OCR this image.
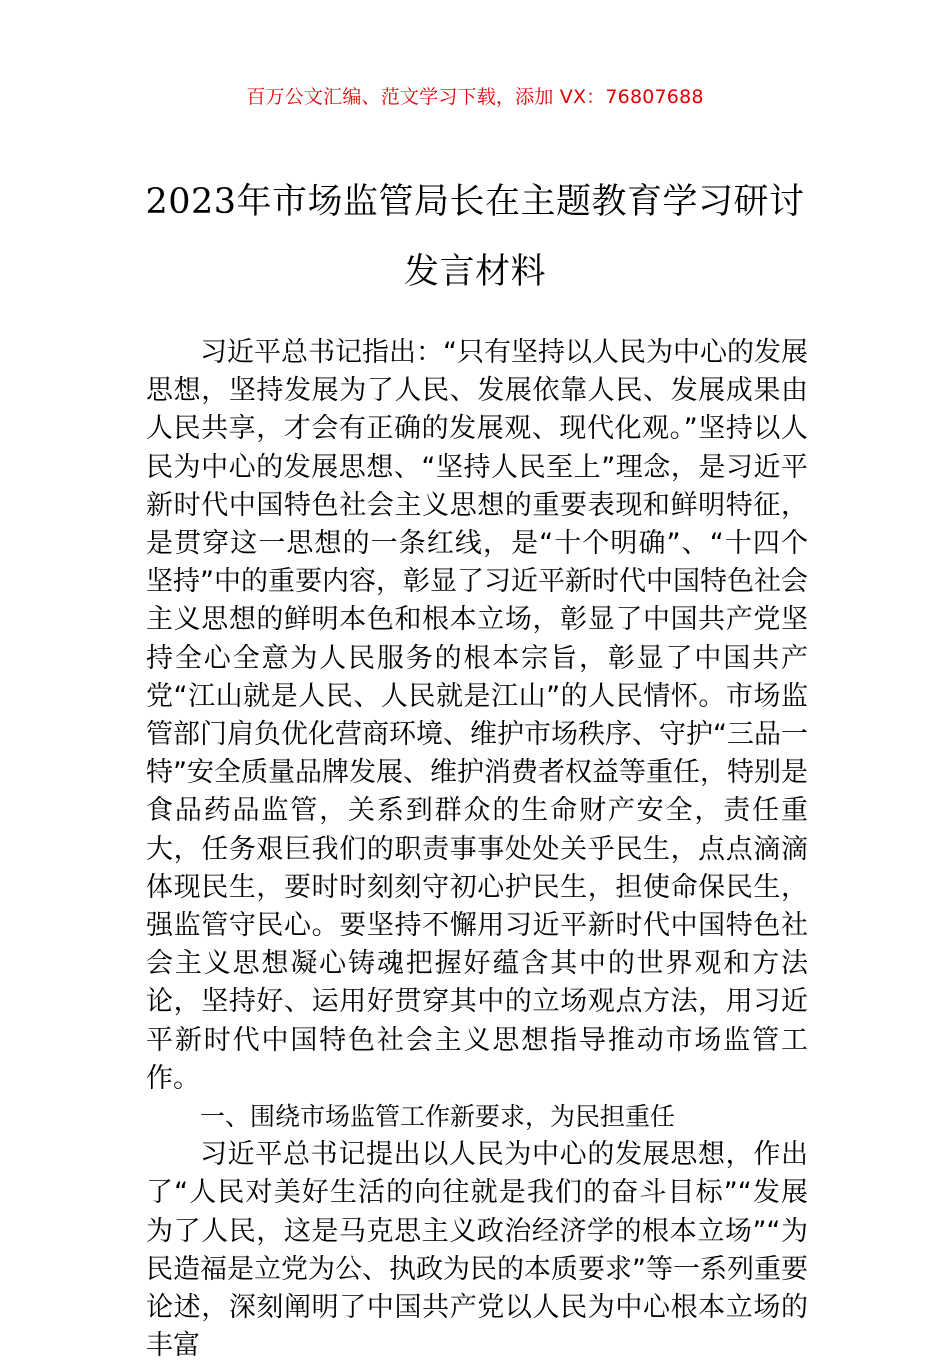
百万公文汇编、范文学习下载，添加 VX：76807688
2023年市场监管局长在主题教育学习研讨
发言材料

习近平总书记指出：“只有坚持以人民为中心的发展思想，坚持发展为了人民、发展依靠人民、发展成果由人民共享，才会有正确的发展观、现代化观。”坚持以人民为中心的发展思想、“坚持人民至上”理念，是习近平新时代中国特色社会主义思想的重要表现和鲜明特征，是贯穿这一思想的一条红线，是“十个明确”、“十四个坚持”中的重要内容，彰显了习近平新时代中国特色社会主义思想的鲜明本色和根本立场，彰显了中国共产党坚持全心全意为人民服务的根本宗旨，彰显了中国共产党“江山就是人民、人民就是江山”的人民情怀。市场监管部门肩负优化营商环境、维护市场秩序、守护“三品一特”安全质量品牌发展、维护消费者权益等重任，特别是食品药品监管，关系到群众的生命财产安全，责任重大，任务艰巨我们的职责事事处处关乎民生，点点滴滴体现民生，要时时刻刻守初心护民生，担使命保民生，强监管守民心。要坚持不懈用习近平新时代中国特色社会主义思想凝心铸魂把握好蕴含其中的世界观和方法论，坚持好、运用好贯穿其中的立场观点方法，用习近平新时代中国特色社会主义思想指导推动市场监管工作。

一、围绕市场监管工作新要求，为民担重任

习近平总书记提出以人民为中心的发展思想，作出了“人民对美好生活的向往就是我们的奋斗目标”“发展为了人民，这是马克思主义政治经济学的根本立场”“为民造福是立党为公、执政为民的本质要求”等一系列重要论述，深刻阐明了中国共产党以人民为中心根本立场的丰富
